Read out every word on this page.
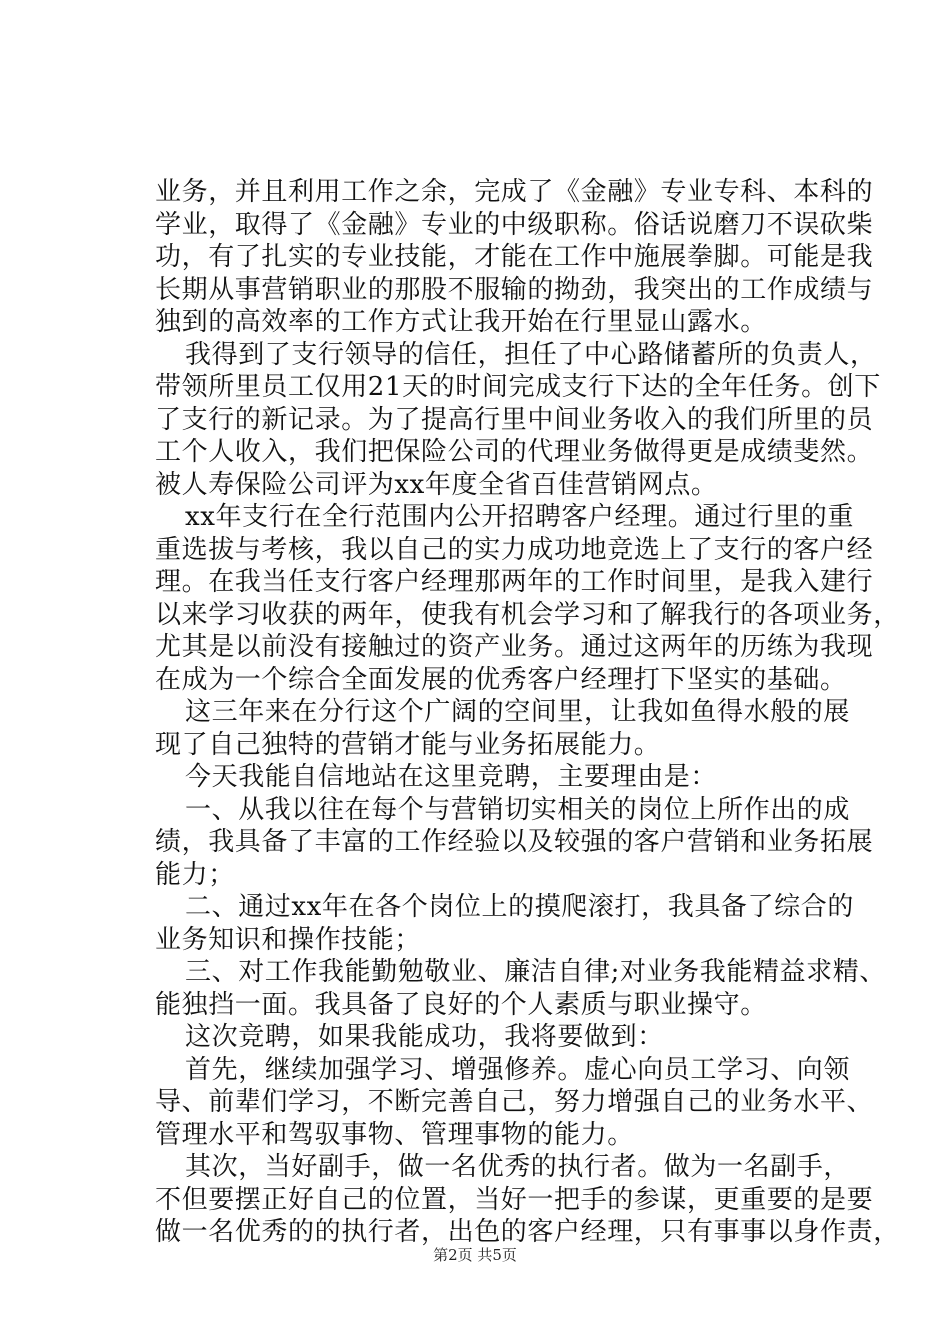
业务，并且利用工作之余，完成了《金融》专业专科、本科的
学业，取得了《金融》专业的中级职称。俗话说磨刀不误砍柴
功，有了扎实的专业技能，才能在工作中施展拳脚。可能是我
长期从事营销职业的那股不服输的拗劲，我突出的工作成绩与
独到的高效率的工作方式让我开始在行里显山露水。
我得到了支行领导的信任，担任了中心路储蓄所的负责人，
带领所里员工仅用21天的时间完成支行下达的全年任务。创下
了支行的新记录。为了提高行里中间业务收入的我们所里的员
工个人收入，我们把保险公司的代理业务做得更是成绩斐然。
被人寿保险公司评为xx年度全省百佳营销网点。
xx年支行在全行范围内公开招聘客户经理。通过行里的重
重选拔与考核，我以自己的实力成功地竞选上了支行的客户经
理。在我当任支行客户经理那两年的工作时间里，是我入建行
以来学习收获的两年，使我有机会学习和了解我行的各项业务，
尤其是以前没有接触过的资产业务。通过这两年的历练为我现
在成为一个综合全面发展的优秀客户经理打下坚实的基础。
这三年来在分行这个广阔的空间里，让我如鱼得水般的展
现了自己独特的营销才能与业务拓展能力。
今天我能自信地站在这里竞聘，主要理由是：
一、从我以往在每个与营销切实相关的岗位上所作出的成
绩，我具备了丰富的工作经验以及较强的客户营销和业务拓展
能力；
二、通过xx年在各个岗位上的摸爬滚打，我具备了综合的
业务知识和操作技能；
三、对工作我能勤勉敬业、廉洁自律;对业务我能精益求精、
能独挡一面。我具备了良好的个人素质与职业操守。
这次竞聘，如果我能成功，我将要做到：
首先，继续加强学习、增强修养。虚心向员工学习、向领
导、前辈们学习，不断完善自己，努力增强自己的业务水平、
管理水平和驾驭事物、管理事物的能力。
其次，当好副手，做一名优秀的执行者。做为一名副手，
不但要摆正好自己的位置，当好一把手的参谋，更重要的是要
做一名优秀的的执行者，出色的客户经理，只有事事以身作责，
第2页 共5页
